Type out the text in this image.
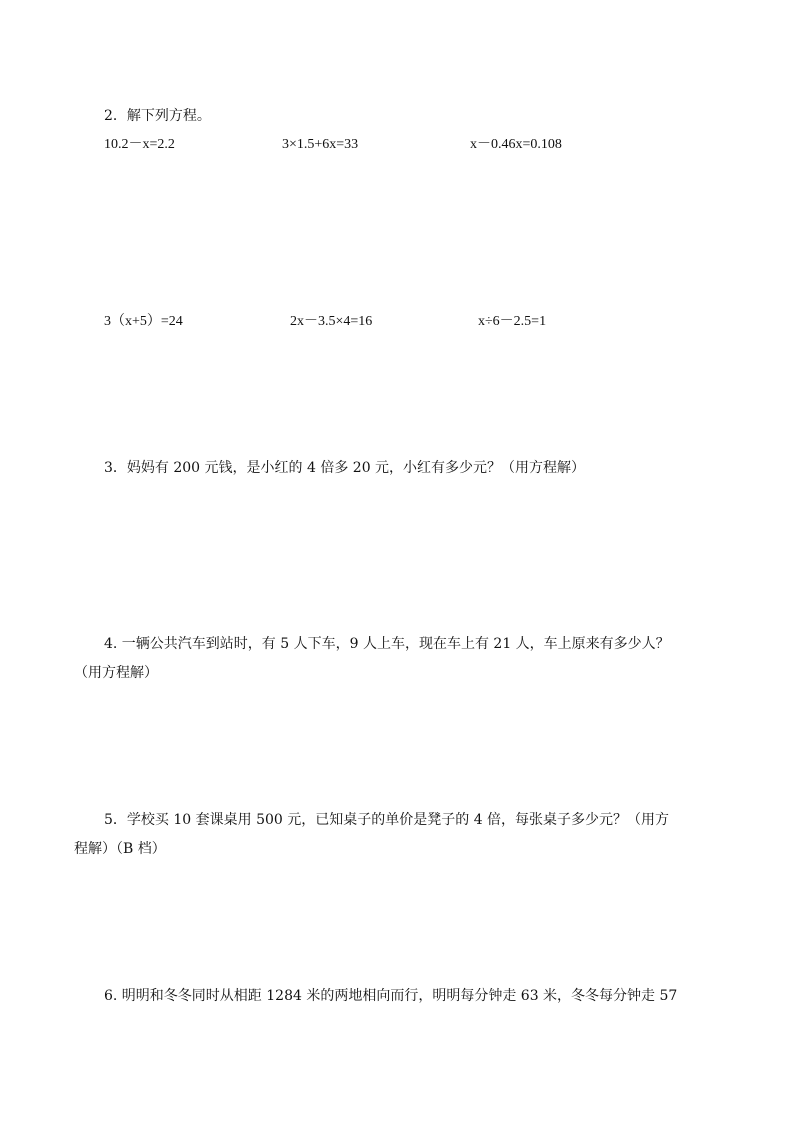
2．解下列方程。
10.2－x=2.2	3×1.5+6x=33	x－0.46x=0.108
3（x+5）=24	2x－3.5×4=16	x÷6－2.5=1
3．妈妈有 200 元钱，是小红的 4 倍多 20 元，小红有多少元？（用方程解）
4. 一辆公共汽车到站时，有 5 人下车，9 人上车，现在车上有 21 人，车上原来有多少人？
（用方程解）
5．学校买 10 套课桌用 500 元，已知桌子的单价是凳子的 4 倍，每张桌子多少元？（用方
程解）（B 档）
6. 明明和冬冬同时从相距 1284 米的两地相向而行，明明每分钟走 63 米，冬冬每分钟走 57
